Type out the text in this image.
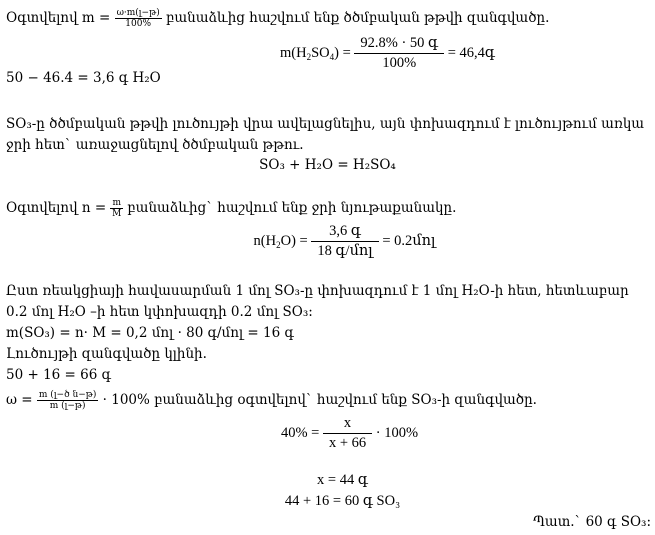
Օգտվելով $m = \frac{\text{ω·m(լ−թ)}}{100\%}$ բանաձևից հաշվում ենք ծծմբական թթվի զանգվածը.
$m(H_2SO_4) = \frac{\text{92.8\% · 50 գ}}{100\%}$ = 46,4գ
50 − 46.4 = 3,6 գ H₂O
SO₃-ը ծծմբական թթվի լուծույթի վրա ավելացնելիս, այն փոխազդում է լուծույթում առկա
ջրի հետ` առաջացնելով ծծմբական թթու.
SO₃ + H₂O = H₂SO₄
Օգտվելով $n = \frac{m}{M}$ բանաձևից` հաշվում ենք ջրի նյութաքանակը.
$n(H_2O) = \frac{\text{3,6 գ}}{\text{18 գ/մոլ}}$ = 0.2մոլ
Ըստ ռեակցիայի հավասարման 1 մոլ SO₃-ը փոխազդում է 1 մոլ H₂O-ի հետ, հետևաբար
0.2 մոլ H₂O –ի հետ կփոխազդի 0.2 մոլ SO₃:
m(SO₃) = n· M = 0,2 մոլ · 80 գ/մոլ = 16 գ
Լուծույթի զանգվածը կլինի.
50 + 16 = 66 գ
$\omega = \frac{\text{m (լ−ծ ն−թ)}}{\text{m (լ−թ)}} \cdot 100\%$ բանաձևից օգտվելով` հաշվում ենք SO₃-ի զանգվածը.
$40\% = \frac{x}{x + 66} \cdot 100\%$
x = 44 գ
44 + 16 = 60 գ SO₃
Պատ.` 60 գ SO₃:
